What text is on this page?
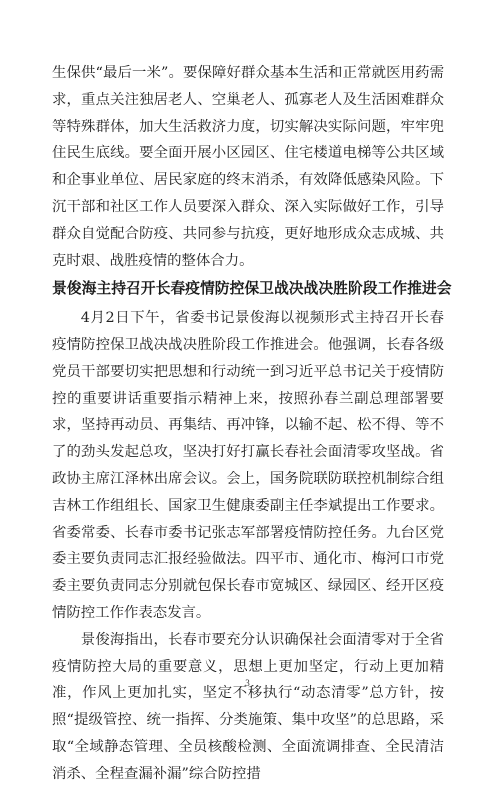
生保供“最后一米”。要保障好群众基本生活和正常就医用药需求，重点关注独居老人、空巢老人、孤寡老人及生活困难群众等特殊群体，加大生活救济力度，切实解决实际问题，牢牢兜住民生底线。要全面开展小区园区、住宅楼道电梯等公共区域和企事业单位、居民家庭的终末消杀，有效降低感染风险。下沉干部和社区工作人员要深入群众、深入实际做好工作，引导群众自觉配合防疫、共同参与抗疫，更好地形成众志成城、共克时艰、战胜疫情的整体合力。

景俊海主持召开长春疫情防控保卫战决战决胜阶段工作推进会

4月2日下午，省委书记景俊海以视频形式主持召开长春疫情防控保卫战决战决胜阶段工作推进会。他强调，长春各级党员干部要切实把思想和行动统一到习近平总书记关于疫情防控的重要讲话重要指示精神上来，按照孙春兰副总理部署要求，坚持再动员、再集结、再冲锋，以输不起、松不得、等不了的劲头发起总攻，坚决打好打赢长春社会面清零攻坚战。省政协主席江泽林出席会议。会上，国务院联防联控机制综合组吉林工作组组长、国家卫生健康委副主任李斌提出工作要求。省委常委、长春市委书记张志军部署疫情防控任务。九台区党委主要负责同志汇报经验做法。四平市、通化市、梅河口市党委主要负责同志分别就包保长春市宽城区、绿园区、经开区疫情防控工作作表态发言。

景俊海指出，长春市要充分认识确保社会面清零对于全省疫情防控大局的重要意义，思想上更加坚定，行动上更加精准，作风上更加扎实，坚定不移执行“动态清零”总方针，按照“提级管控、统一指挥、分类施策、集中攻坚”的总思路，采取“全域静态管理、全员核酸检测、全面流调排查、全民清洁消杀、全程查漏补漏”综合防控措

3
